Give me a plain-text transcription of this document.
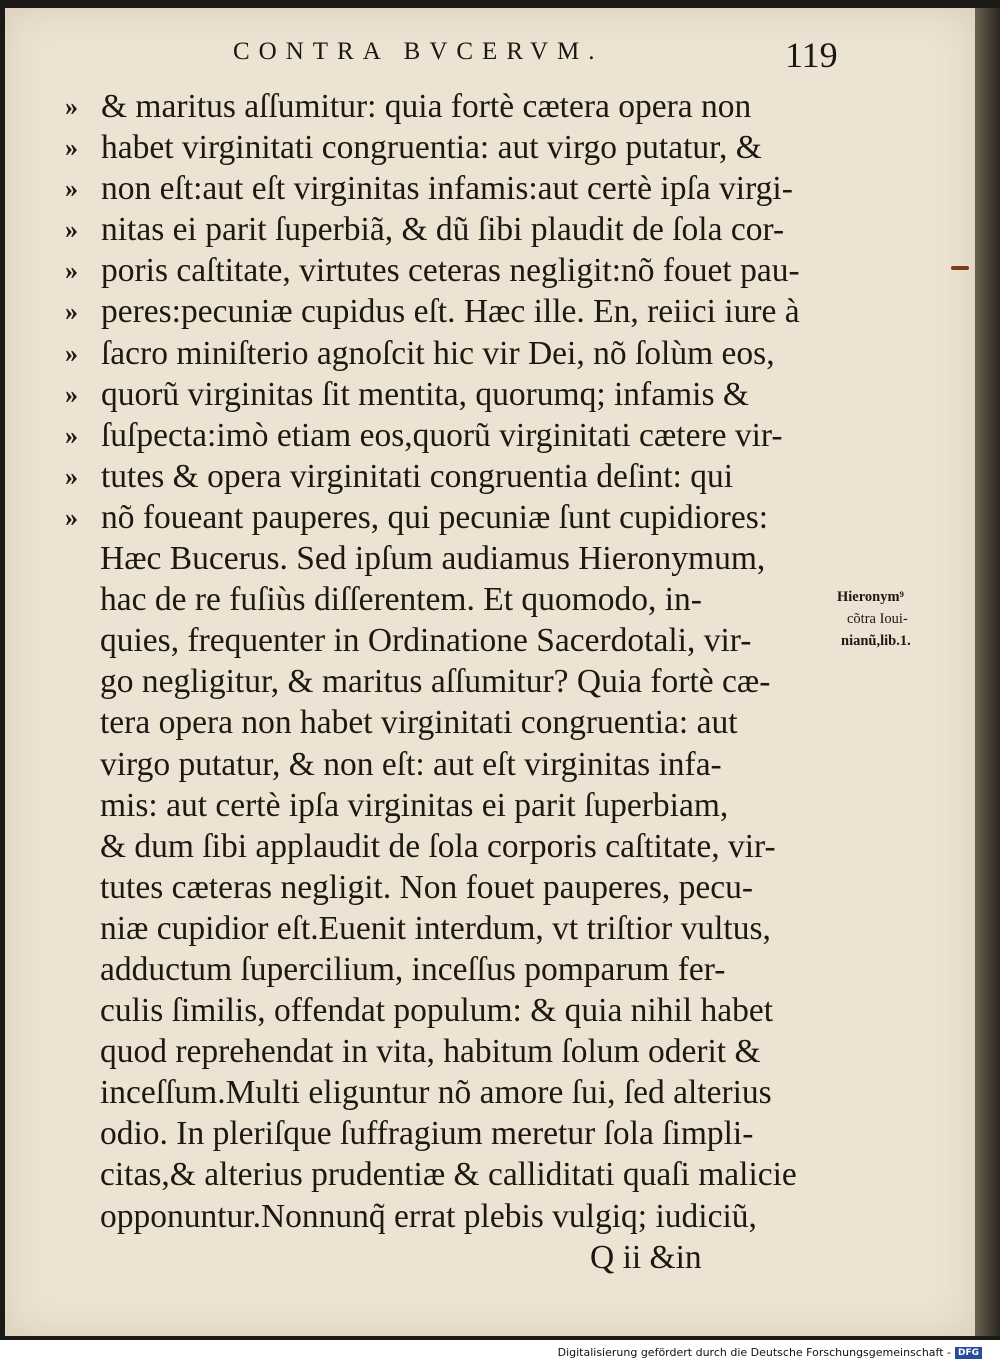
CONTRA BVCERVM.	119
» & maritus aſſumitur: quia fortè cætera opera non
» habet virginitati congruentia: aut virgo putatur, &
» non eſt:aut eſt virginitas infamis:aut certè ipſa virgi-
» nitas ei parit ſuperbiã, & dũ ſibi plaudit de ſola cor-
» poris caſtitate, virtutes ceteras negligit:nõ fouet pau-
» peres:pecuniæ cupidus eſt. Hæc ille. En, reiici iure à
» ſacro miniſterio agnoſcit hic vir Dei, nõ ſolùm eos,
» quorũ virginitas ſit mentita, quorumq; infamis &
» ſuſpecta:imò etiam eos,quorũ virginitati cætere vir-
» tutes & opera virginitati congruentia deſint: qui
» nõ foueant pauperes, qui pecuniæ ſunt cupidiores:
Hæc Bucerus. Sed ipſum audiamus Hieronymum,
hac de re fuſiùs diſſerentem. Et quomodo, in-
quies, frequenter in Ordinatione Sacerdotali, vir-
go negligitur, & maritus aſſumitur? Quia fortè cæ-
tera opera non habet virginitati congruentia: aut
virgo putatur, & non eſt: aut eſt virginitas infa-
mis: aut certè ipſa virginitas ei parit ſuperbiam,
& dum ſibi applaudit de ſola corporis caſtitate, vir-
tutes cæteras negligit. Non fouet pauperes, pecu-
niæ cupidior eſt.Euenit interdum, vt triſtior vultus,
adductum ſupercilium, inceſſus pomparum fer-
culis ſimilis, offendat populum: & quia nihil habet
quod reprehendat in vita, habitum ſolum oderit &
inceſſum.Multi eliguntur nõ amore ſui, ſed alterius
odio. In pleriſque ſuffragium meretur ſola ſimpli-
citas,& alterius prudentiæ & calliditati quaſi malicie
opponuntur.Nonnunq̃ errat plebis vulgiq; iudiciũ,
Q ii &in
Hieronym⁹
cõtra Ioui-
nianũ,lib.1.
Digitalisierung gefördert durch die Deutsche Forschungsgemeinschaft - DFG
